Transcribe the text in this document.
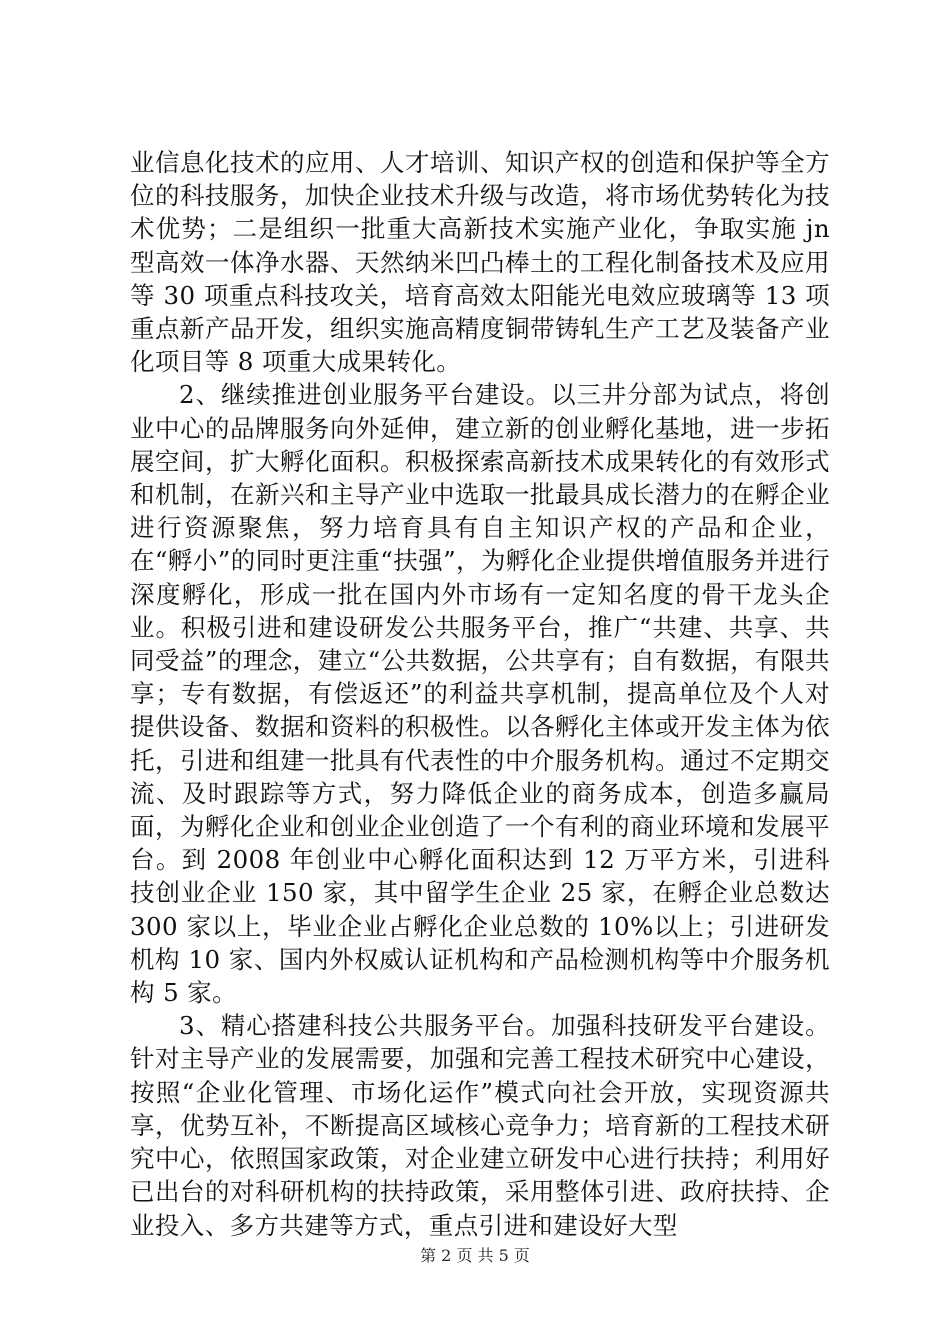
业信息化技术的应用、人才培训、知识产权的创造和保护等全方位的科技服务，加快企业技术升级与改造，将市场优势转化为技术优势；二是组织一批重大高新技术实施产业化，争取实施 jn 型高效一体净水器、天然纳米凹凸棒土的工程化制备技术及应用等 30 项重点科技攻关，培育高效太阳能光电效应玻璃等 13 项重点新产品开发，组织实施高精度铜带铸轧生产工艺及装备产业化项目等 8 项重大成果转化。

2、继续推进创业服务平台建设。以三井分部为试点，将创业中心的品牌服务向外延伸，建立新的创业孵化基地，进一步拓展空间，扩大孵化面积。积极探索高新技术成果转化的有效形式和机制，在新兴和主导产业中选取一批最具成长潜力的在孵企业进行资源聚焦，努力培育具有自主知识产权的产品和企业，在“孵小”的同时更注重“扶强”，为孵化企业提供增值服务并进行深度孵化，形成一批在国内外市场有一定知名度的骨干龙头企业。积极引进和建设研发公共服务平台，推广“共建、共享、共同受益”的理念，建立“公共数据，公共享有；自有数据，有限共享；专有数据，有偿返还”的利益共享机制，提高单位及个人对提供设备、数据和资料的积极性。以各孵化主体或开发主体为依托，引进和组建一批具有代表性的中介服务机构。通过不定期交流、及时跟踪等方式，努力降低企业的商务成本，创造多赢局面，为孵化企业和创业企业创造了一个有利的商业环境和发展平台。到 2008 年创业中心孵化面积达到 12 万平方米，引进科技创业企业 150 家，其中留学生企业 25 家，在孵企业总数达 300 家以上，毕业企业占孵化企业总数的 10%以上；引进研发机构 10 家、国内外权威认证机构和产品检测机构等中介服务机构 5 家。

3、精心搭建科技公共服务平台。加强科技研发平台建设。针对主导产业的发展需要，加强和完善工程技术研究中心建设，按照“企业化管理、市场化运作”模式向社会开放，实现资源共享，优势互补，不断提高区域核心竞争力；培育新的工程技术研究中心，依照国家政策，对企业建立研发中心进行扶持；利用好已出台的对科研机构的扶持政策，采用整体引进、政府扶持、企业投入、多方共建等方式，重点引进和建设好大型

第 2 页 共 5 页
